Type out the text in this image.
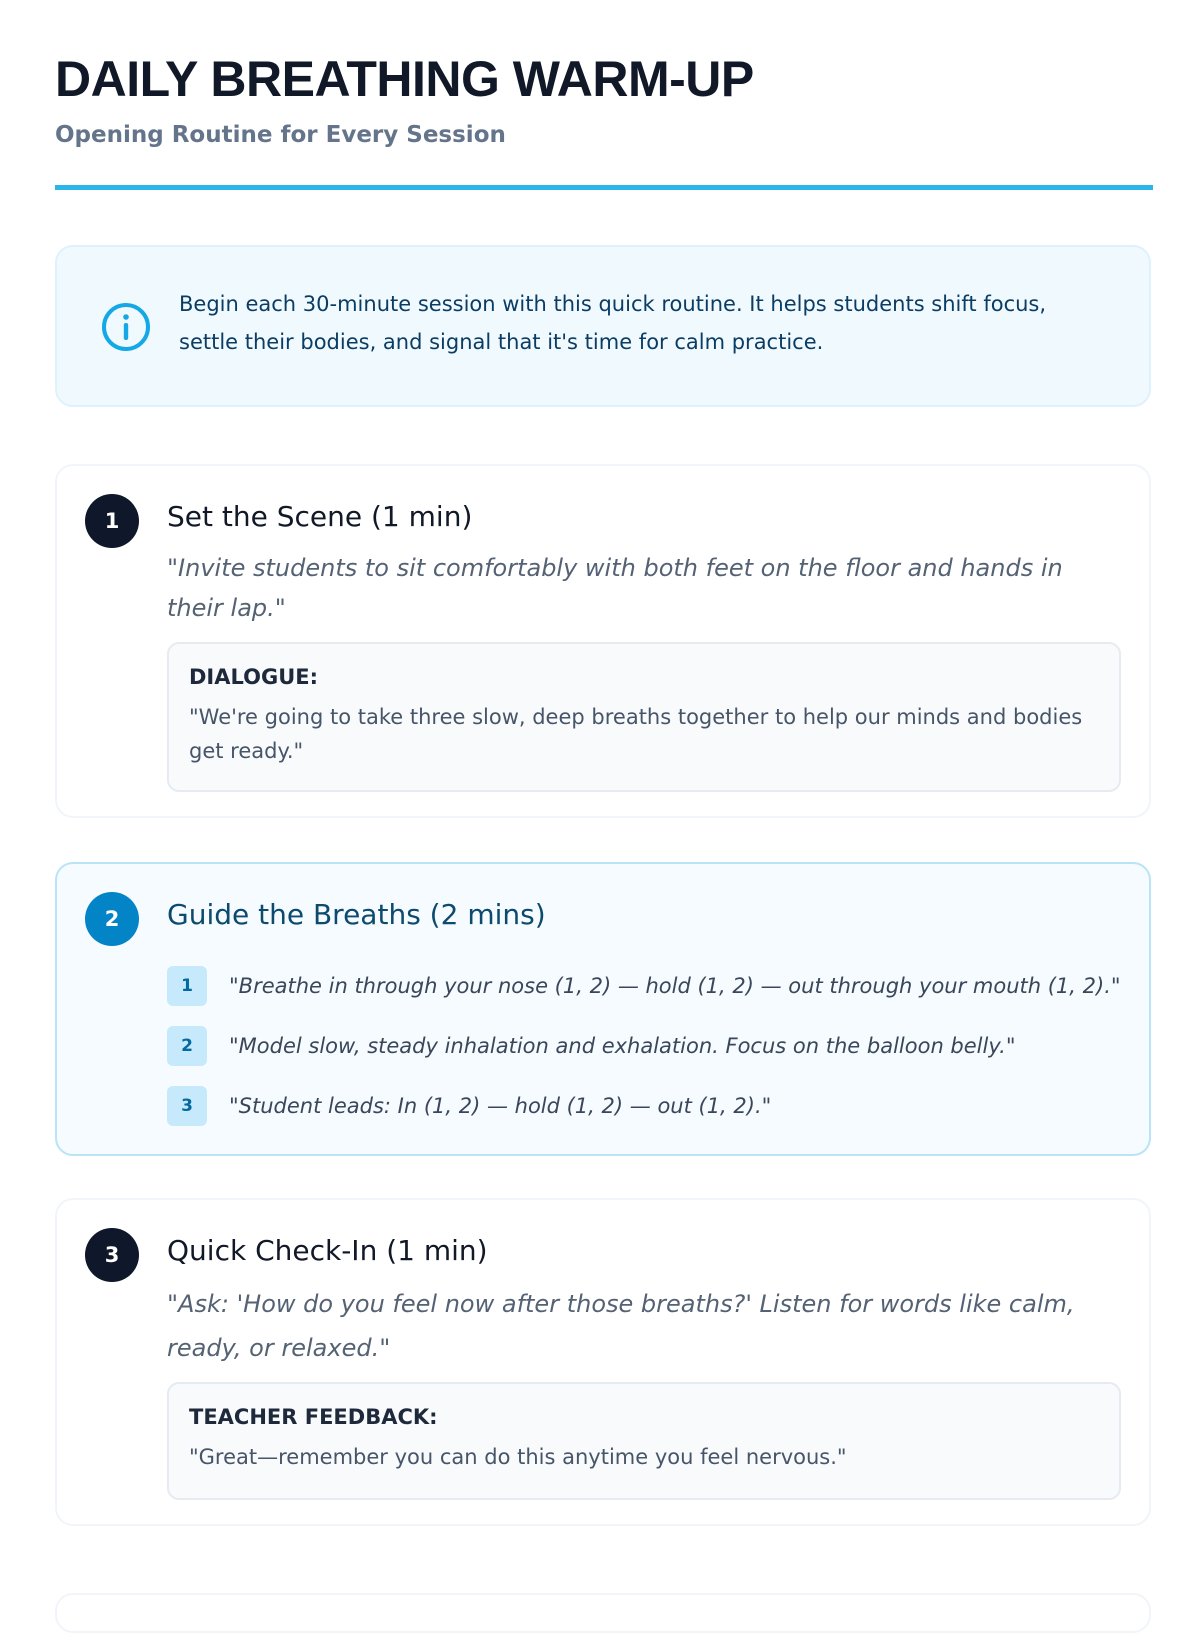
DAILY BREATHING WARM-UP
Opening Routine for Every Session
Begin each 30-minute session with this quick routine. It helps students shift focus, settle their bodies, and signal that it's time for calm practice.
1	Set the Scene (1 min)
"Invite students to sit comfortably with both feet on the floor and hands in their lap."
DIALOGUE:
"We're going to take three slow, deep breaths together to help our minds and bodies get ready."
2	Guide the Breaths (2 mins)
1	"Breathe in through your nose (1, 2) — hold (1, 2) — out through your mouth (1, 2)."
2	"Model slow, steady inhalation and exhalation. Focus on the balloon belly."
3	"Student leads: In (1, 2) — hold (1, 2) — out (1, 2)."
3	Quick Check-In (1 min)
"Ask: 'How do you feel now after those breaths?' Listen for words like calm, ready, or relaxed."
TEACHER FEEDBACK:
"Great—remember you can do this anytime you feel nervous."
